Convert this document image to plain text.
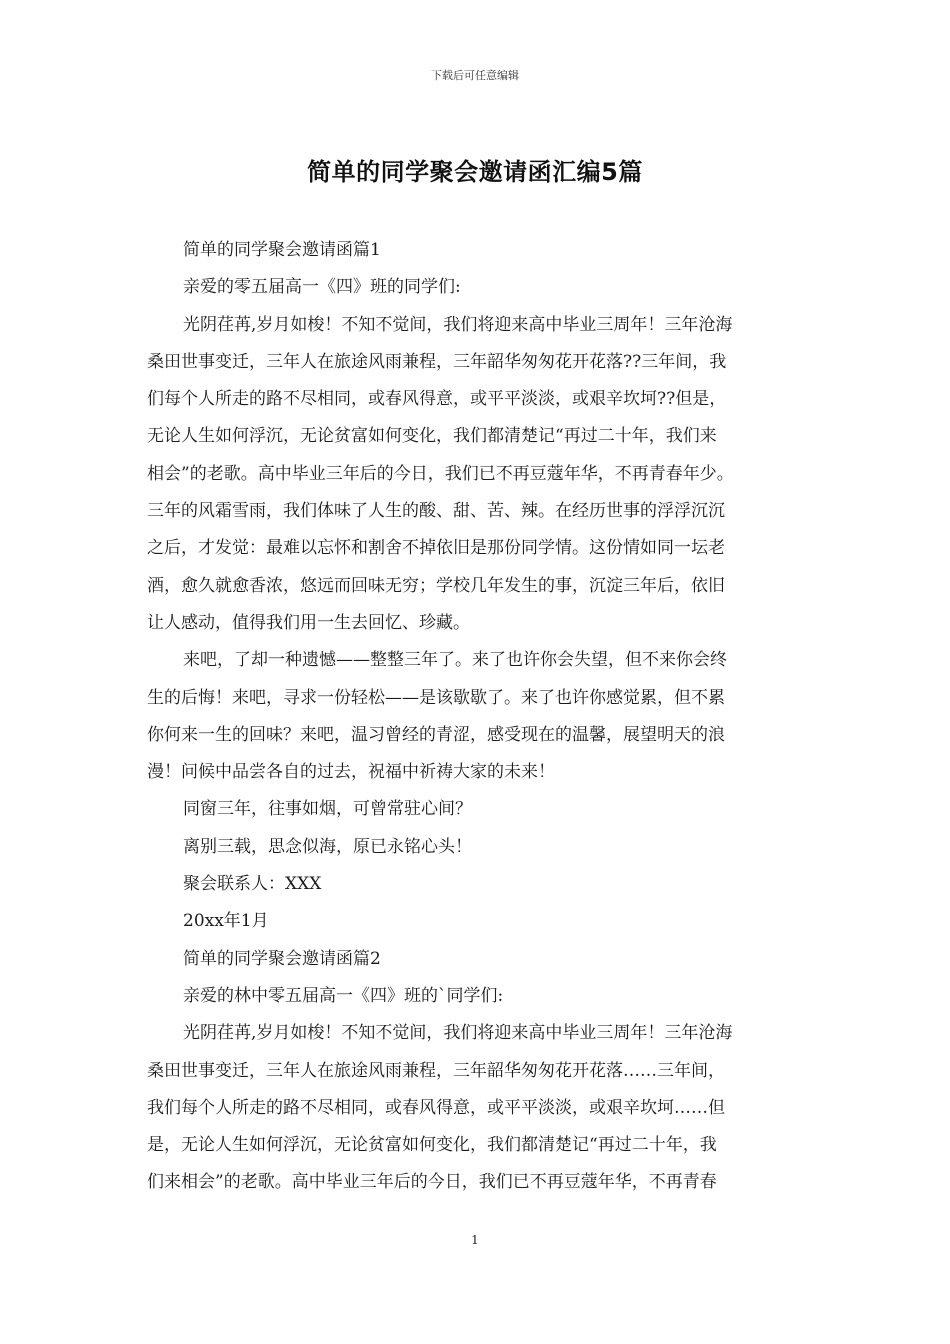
下载后可任意编辑
简单的同学聚会邀请函汇编5篇
简单的同学聚会邀请函篇1
亲爱的零五届高一《四》班的同学们:
光阴荏苒,岁月如梭！不知不觉间，我们将迎来高中毕业三周年！三年沧海
桑田世事变迁，三年人在旅途风雨兼程，三年韶华匆匆花开花落??三年间，我
们每个人所走的路不尽相同，或春风得意，或平平淡淡，或艰辛坎坷??但是，
无论人生如何浮沉，无论贫富如何变化，我们都清楚记“再过二十年，我们来
相会”的老歌。高中毕业三年后的今日，我们已不再豆蔻年华，不再青春年少。
三年的风霜雪雨，我们体味了人生的酸、甜、苦、辣。在经历世事的浮浮沉沉
之后，才发觉：最难以忘怀和割舍不掉依旧是那份同学情。这份情如同一坛老
酒，愈久就愈香浓，悠远而回味无穷；学校几年发生的事，沉淀三年后，依旧
让人感动，值得我们用一生去回忆、珍藏。
来吧，了却一种遗憾——整整三年了。来了也许你会失望，但不来你会终
生的后悔！来吧，寻求一份轻松——是该歇歇了。来了也许你感觉累，但不累
你何来一生的回味？来吧，温习曾经的青涩，感受现在的温馨，展望明天的浪
漫！问候中品尝各自的过去，祝福中祈祷大家的未来！
同窗三年，往事如烟，可曾常驻心间？
离别三载，思念似海，原已永铭心头！
聚会联系人：XXX
20xx年1月
简单的同学聚会邀请函篇2
亲爱的林中零五届高一《四》班的`同学们:
光阴荏苒,岁月如梭！不知不觉间，我们将迎来高中毕业三周年！三年沧海
桑田世事变迁，三年人在旅途风雨兼程，三年韶华匆匆花开花落……三年间，
我们每个人所走的路不尽相同，或春风得意，或平平淡淡，或艰辛坎坷……但
是，无论人生如何浮沉，无论贫富如何变化，我们都清楚记“再过二十年，我
们来相会”的老歌。高中毕业三年后的今日，我们已不再豆蔻年华，不再青春
1
